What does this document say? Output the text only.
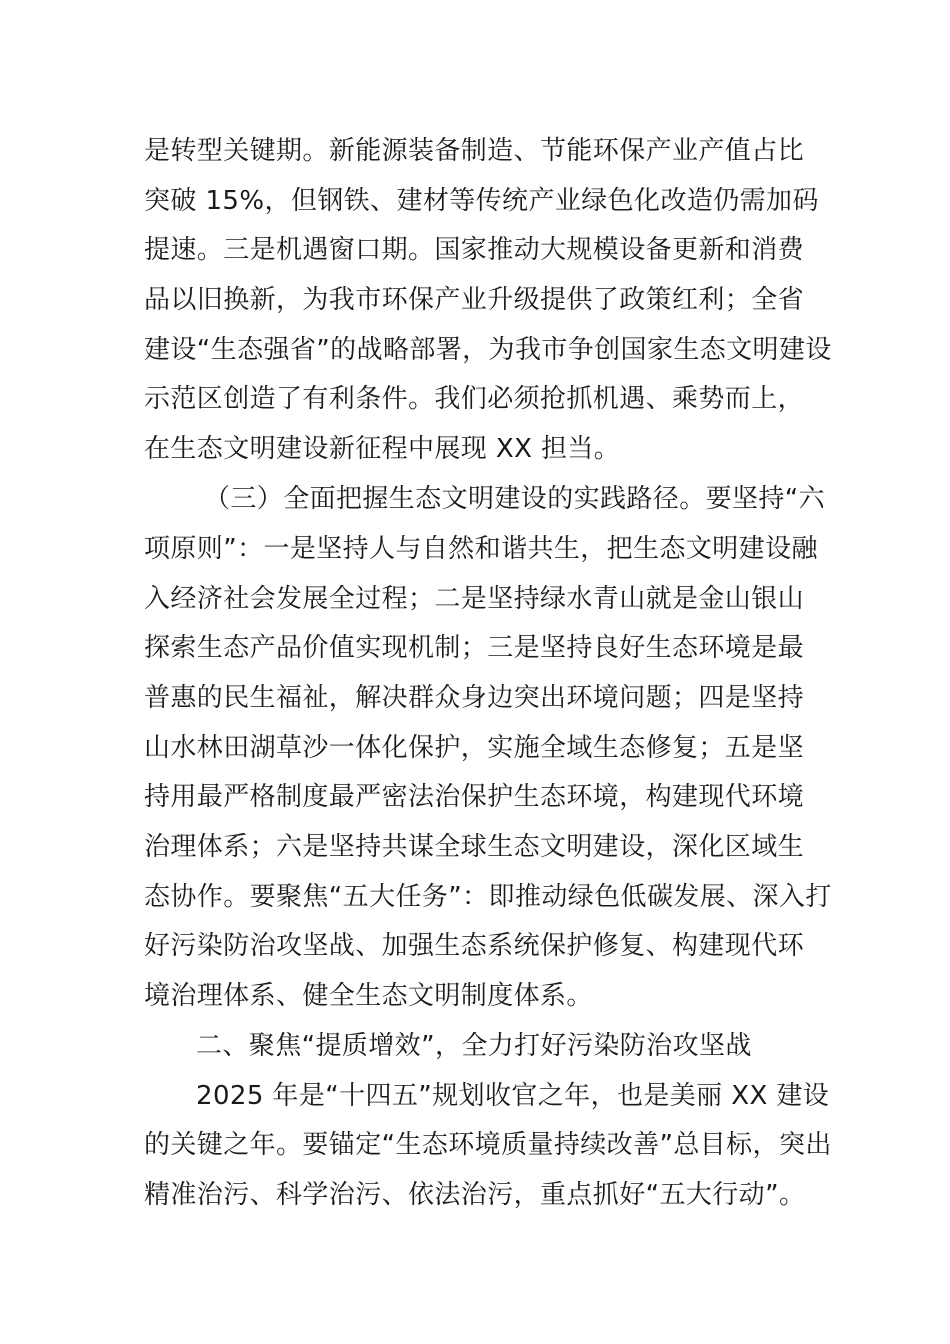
是转型关键期。新能源装备制造、节能环保产业产值占比
突破 15%，但钢铁、建材等传统产业绿色化改造仍需加码
提速。三是机遇窗口期。国家推动大规模设备更新和消费
品以旧换新，为我市环保产业升级提供了政策红利；全省
建设“生态强省”的战略部署，为我市争创国家生态文明建设
示范区创造了有利条件。我们必须抢抓机遇、乘势而上，
在生态文明建设新征程中展现 XX 担当。
（三）全面把握生态文明建设的实践路径。要坚持“六
项原则”：一是坚持人与自然和谐共生，把生态文明建设融
入经济社会发展全过程；二是坚持绿水青山就是金山银山
探索生态产品价值实现机制；三是坚持良好生态环境是最
普惠的民生福祉，解决群众身边突出环境问题；四是坚持
山水林田湖草沙一体化保护，实施全域生态修复；五是坚
持用最严格制度最严密法治保护生态环境，构建现代环境
治理体系；六是坚持共谋全球生态文明建设，深化区域生
态协作。要聚焦“五大任务”：即推动绿色低碳发展、深入打
好污染防治攻坚战、加强生态系统保护修复、构建现代环
境治理体系、健全生态文明制度体系。
二、聚焦“提质增效”，全力打好污染防治攻坚战
2025 年是“十四五”规划收官之年，也是美丽 XX 建设
的关键之年。要锚定“生态环境质量持续改善”总目标，突出
精准治污、科学治污、依法治污，重点抓好“五大行动”。
